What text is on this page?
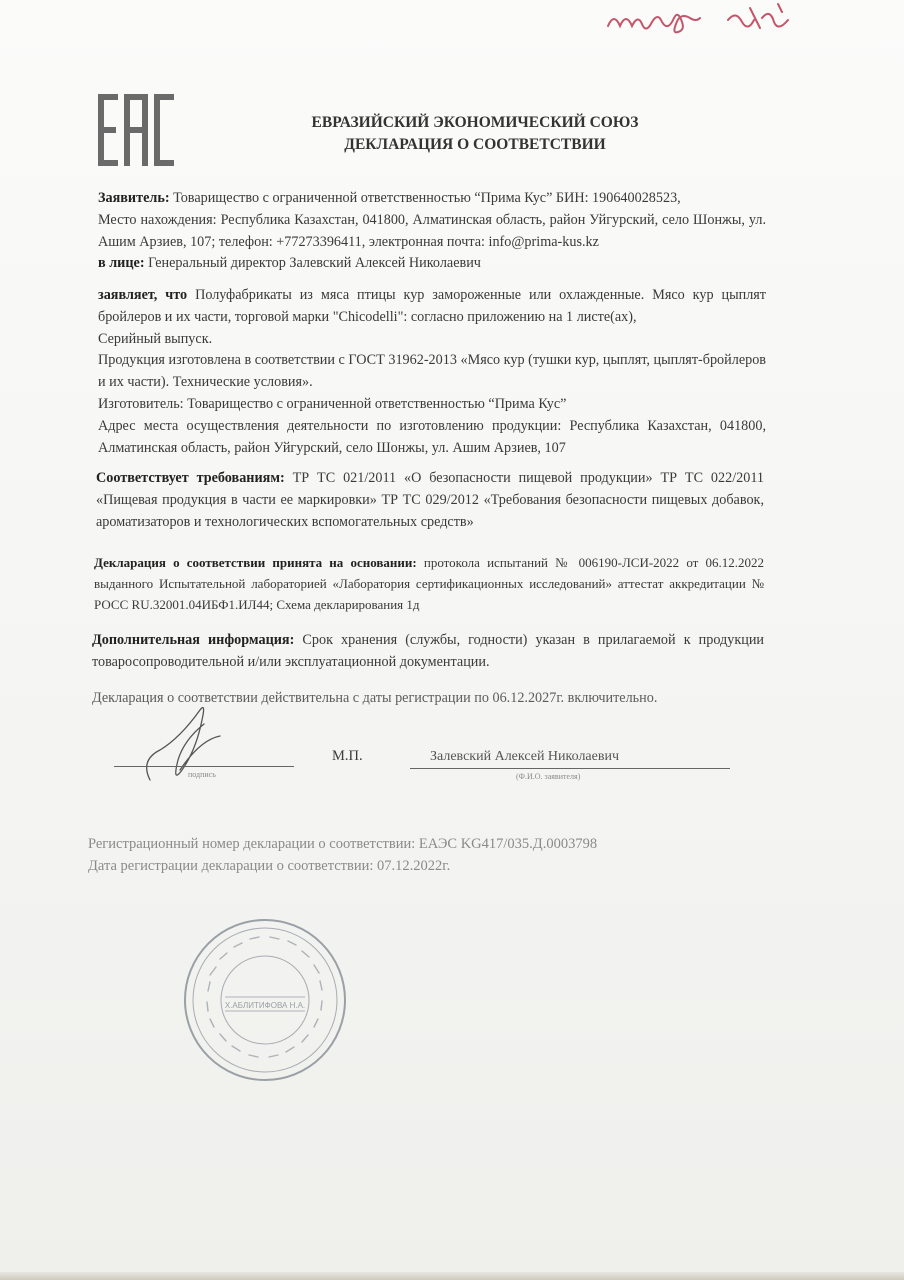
ЕВРАЗИЙСКИЙ ЭКОНОМИЧЕСКИЙ СОЮЗ
ДЕКЛАРАЦИЯ О СООТВЕТСТВИИ
Заявитель: Товарищество с ограниченной ответственностью “Прима Кус” БИН: 190640028523,
Место нахождения: Республика Казахстан, 041800, Алматинская область, район Уйгурский, село Шонжы, ул. Ашим Арзиев, 107; телефон: +77273396411, электронная почта: info@prima-kus.kz
в лице: Генеральный директор Залевский Алексей Николаевич
заявляет, что Полуфабрикаты из мяса птицы кур замороженные или охлажденные. Мясо кур цыплят бройлеров и их части, торговой марки "Chicodelli": согласно приложению на 1 листе(ах),
Серийный выпуск.
Продукция изготовлена в соответствии с ГОСТ 31962-2013 «Мясо кур (тушки кур, цыплят, цыплят-бройлеров и их части). Технические условия».
Изготовитель: Товарищество с ограниченной ответственностью “Прима Кус”
Адрес места осуществления деятельности по изготовлению продукции: Республика Казахстан, 041800, Алматинская область, район Уйгурский, село Шонжы, ул. Ашим Арзиев, 107
Соответствует требованиям: ТР ТС 021/2011 «О безопасности пищевой продукции» ТР ТС 022/2011 «Пищевая продукция в части ее маркировки» ТР ТС 029/2012 «Требования безопасности пищевых добавок, ароматизаторов и технологических вспомогательных средств»
Декларация о соответствии принята на основании: протокола испытаний № 006190-ЛСИ-2022 от 06.12.2022 выданного Испытательной лабораторией «Лаборатория сертификационных исследований» аттестат аккредитации № РОСС RU.32001.04ИБФ1.ИЛ44; Схема декларирования 1д
Дополнительная информация: Срок хранения (службы, годности) указан в прилагаемой к продукции товаросопроводительной и/или эксплуатационной документации.
Декларация о соответствии действительна с даты регистрации по 06.12.2027г. включительно.
подпись	(Ф.И.О. заявителя)
М.П.	Залевский Алексей Николаевич
Регистрационный номер декларации о соответствии: ЕАЭС KG417/035.Д.0003798
Дата регистрации декларации о соответствии: 07.12.2022г.
Х.АБЛИТИФОВА Н.А.
